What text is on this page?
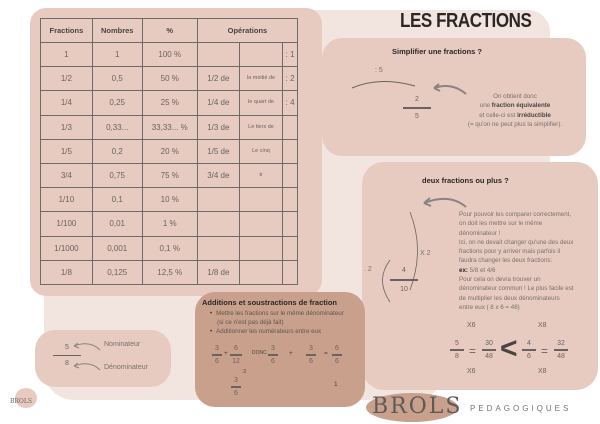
Fractions	Nombres	%	Opérations		
1	1	100 %			: 1
1/2	0,5	50 %	1/2 de	la moitié de	: 2
1/4	0,25	25 %	1/4 de	le quart de	: 4
1/3	0,33...	33,33... %	1/3 de	Le tiers de	
1/5	0,2	20 %	1/5 de	Le cinq	
3/4	0,75	75 %	3/4 de	tr	
1/10	0,1	10 %			
1/100	0,01	1 %			
1/1000	0,001	0,1 %			
1/8	0,125	12,5 %	1/8 de		
LES FRACTIONS
Simplifier une fractions ?
: 5
2
5
On obtient donc
une fraction équivalente
et celle-ci est irréductible
(= qu'on ne peut plus la simplifier).
deux fractions ou plus ?
Pour pouvoir les comparer correctement,
on doit les mettre sur le même
dénominateur !
Ici, on ne devait changer qu'une des deux
fractions pour y arriver mais parfois il
faudra changer les deux fractions:
ex: 5/8 et 4/6
Pour cela on devra trouver un
dénominateur commun ! Le plus facile est
de multiplier les deux dénominateurs
entre eux ( 8 x 6 = 48)
. 2
X 2
4
10
X6
X6
5
8 =
30
48 <
X8
X8
4
6 =
32
48
5
8
Nominateur
Dénominateur
Additions et soustractions de fraction
• Mettre les fractions sur le même dénominateur
(si ce n'est pas déjà fait)
• Additionner les numérateurs entre eux
3
6
+
6
12
:2
3
6
DONC
3
6
+
3
6
=
6
6
1
BROLS PEDAGOGIQUES
BROLS
